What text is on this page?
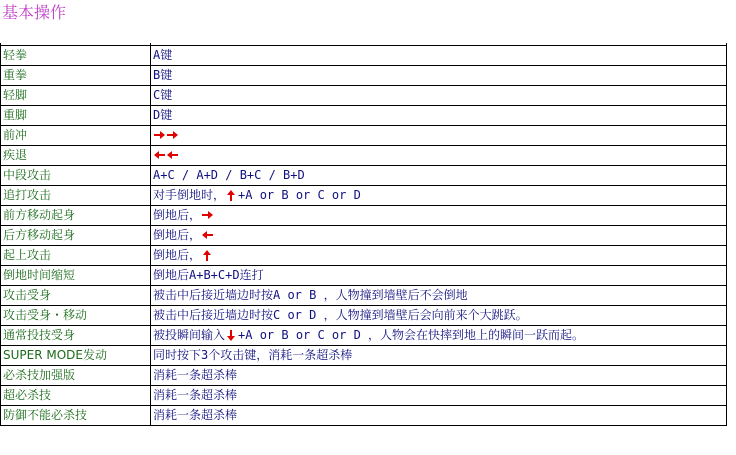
基本操作

轻拳	A键
重拳	B键
轻脚	C键
重脚	D键
前冲	
疾退	
中段攻击	A+C / A+D / B+C / B+D
追打攻击	对手倒地时， +A or B or C or D
前方移动起身	倒地后，
后方移动起身	倒地后，
起上攻击	倒地后，
倒地时间缩短	倒地后A+B+C+D连打
攻击受身	被击中后接近墙边时按A or B ，人物撞到墙壁后不会倒地
攻击受身・移动	被击中后接近墙边时按C or D ，人物撞到墙壁后会向前来个大跳跃。
通常投技受身	被投瞬间输入 +A or B or C or D ，人物会在快摔到地上的瞬间一跃而起。
SUPER MODE发动	同时按下3个攻击键，消耗一条超杀棒
必杀技加强版	消耗一条超杀棒
超必杀技	消耗一条超杀棒
防御不能必杀技	消耗一条超杀棒
